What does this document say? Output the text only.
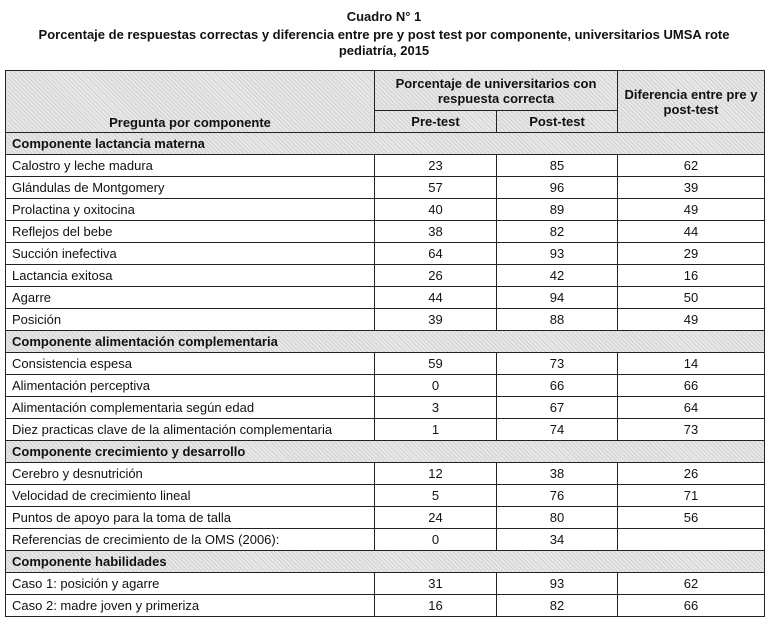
Cuadro N° 1
Porcentaje de respuestas correctas y diferencia entre pre y post test por componente, universitarios UMSA rote pediatría, 2015
Pregunta por componente	Porcentaje de universitarios con respuesta correcta		Diferencia entre pre y post-test
	Pre-test	Post-test	
Componente lactancia materna			
Calostro y leche madura	23	85	62
Glándulas de Montgomery	57	96	39
Prolactina y oxitocina	40	89	49
Reflejos del bebe	38	82	44
Succión inefectiva	64	93	29
Lactancia exitosa	26	42	16
Agarre	44	94	50
Posición	39	88	49
Componente alimentación complementaria			
Consistencia espesa	59	73	14
Alimentación perceptiva	0	66	66
Alimentación complementaria según edad	3	67	64
Diez practicas clave de la alimentación complementaria	1	74	73
Componente crecimiento y desarrollo			
Cerebro y desnutrición	12	38	26
Velocidad de crecimiento lineal	5	76	71
Puntos de apoyo para la toma de talla	24	80	56
Referencias de crecimiento de la OMS (2006):	0	34	
Componente habilidades			
Caso 1: posición y agarre	31	93	62
Caso 2: madre joven y primeriza	16	82	66
